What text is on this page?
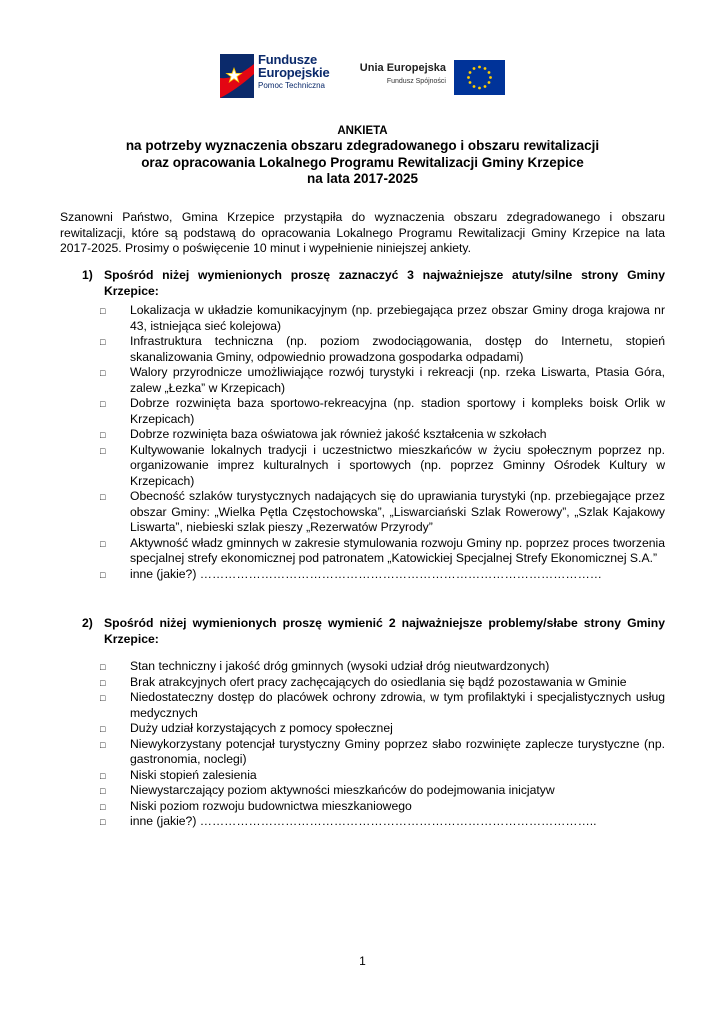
Fundusze
Europejskie
Pomoc Techniczna
Unia Europejska
Fundusz Spójności

ANKIETA

na potrzeby wyznaczenia obszaru zdegradowanego i obszaru rewitalizacji

oraz opracowania Lokalnego Programu Rewitalizacji Gminy Krzepice

na lata 2017-2025

Szanowni Państwo, Gmina Krzepice przystąpiła do wyznaczenia obszaru zdegradowanego i obszaru rewitalizacji, które są podstawą do opracowania Lokalnego Programu Rewitalizacji Gminy Krzepice na lata 2017-2025. Prosimy o poświęcenie 10 minut i wypełnienie niniejszej ankiety.

1) Spośród niżej wymienionych proszę zaznaczyć 3 najważniejsze atuty/silne strony Gminy Krzepice:
□ Lokalizacja w układzie komunikacyjnym (np. przebiegająca przez obszar Gminy droga krajowa nr 43, istniejąca sieć kolejowa)
□ Infrastruktura techniczna (np. poziom zwodociągowania, dostęp do Internetu, stopień skanalizowania Gminy, odpowiednio prowadzona gospodarka odpadami)
□ Walory przyrodnicze umożliwiające rozwój turystyki i rekreacji (np. rzeka Liswarta, Ptasia Góra, zalew „Łezka” w Krzepicach)
□ Dobrze rozwinięta baza sportowo-rekreacyjna (np. stadion sportowy i kompleks boisk Orlik w Krzepicach)
□ Dobrze rozwinięta baza oświatowa jak również jakość kształcenia w szkołach
□ Kultywowanie lokalnych tradycji i uczestnictwo mieszkańców w życiu społecznym poprzez np. organizowanie imprez kulturalnych i sportowych (np. poprzez Gminny Ośrodek Kultury w Krzepicach)
□ Obecność szlaków turystycznych nadających się do uprawiania turystyki (np. przebiegające przez obszar Gminy: „Wielka Pętla Częstochowska”, „Liswarciański Szlak Rowerowy”, „Szlak Kajakowy Liswarta”, niebieski szlak pieszy „Rezerwatów Przyrody”
□ Aktywność władz gminnych w zakresie stymulowania rozwoju Gminy np. poprzez proces tworzenia specjalnej strefy ekonomicznej pod patronatem „Katowickiej Specjalnej Strefy Ekonomicznej S.A.”
□ inne (jakie?) ………………………………………………………………………………………
2) Spośród niżej wymienionych proszę wymienić 2 najważniejsze problemy/słabe strony Gminy Krzepice:
□ Stan techniczny i jakość dróg gminnych (wysoki udział dróg nieutwardzonych)
□ Brak atrakcyjnych ofert pracy zachęcających do osiedlania się bądź pozostawania w Gminie
□ Niedostateczny dostęp do placówek ochrony zdrowia, w tym profilaktyki i specjalistycznych usług medycznych
□ Duży udział korzystających z pomocy społecznej
□ Niewykorzystany potencjał turystyczny Gminy poprzez słabo rozwinięte zaplecze turystyczne (np. gastronomia, noclegi)
□ Niski stopień zalesienia
□ Niewystarczający poziom aktywności mieszkańców do podejmowania inicjatyw
□ Niski poziom rozwoju budownictwa mieszkaniowego
□ inne (jakie?) ……………………………………………………………………………………..
1
